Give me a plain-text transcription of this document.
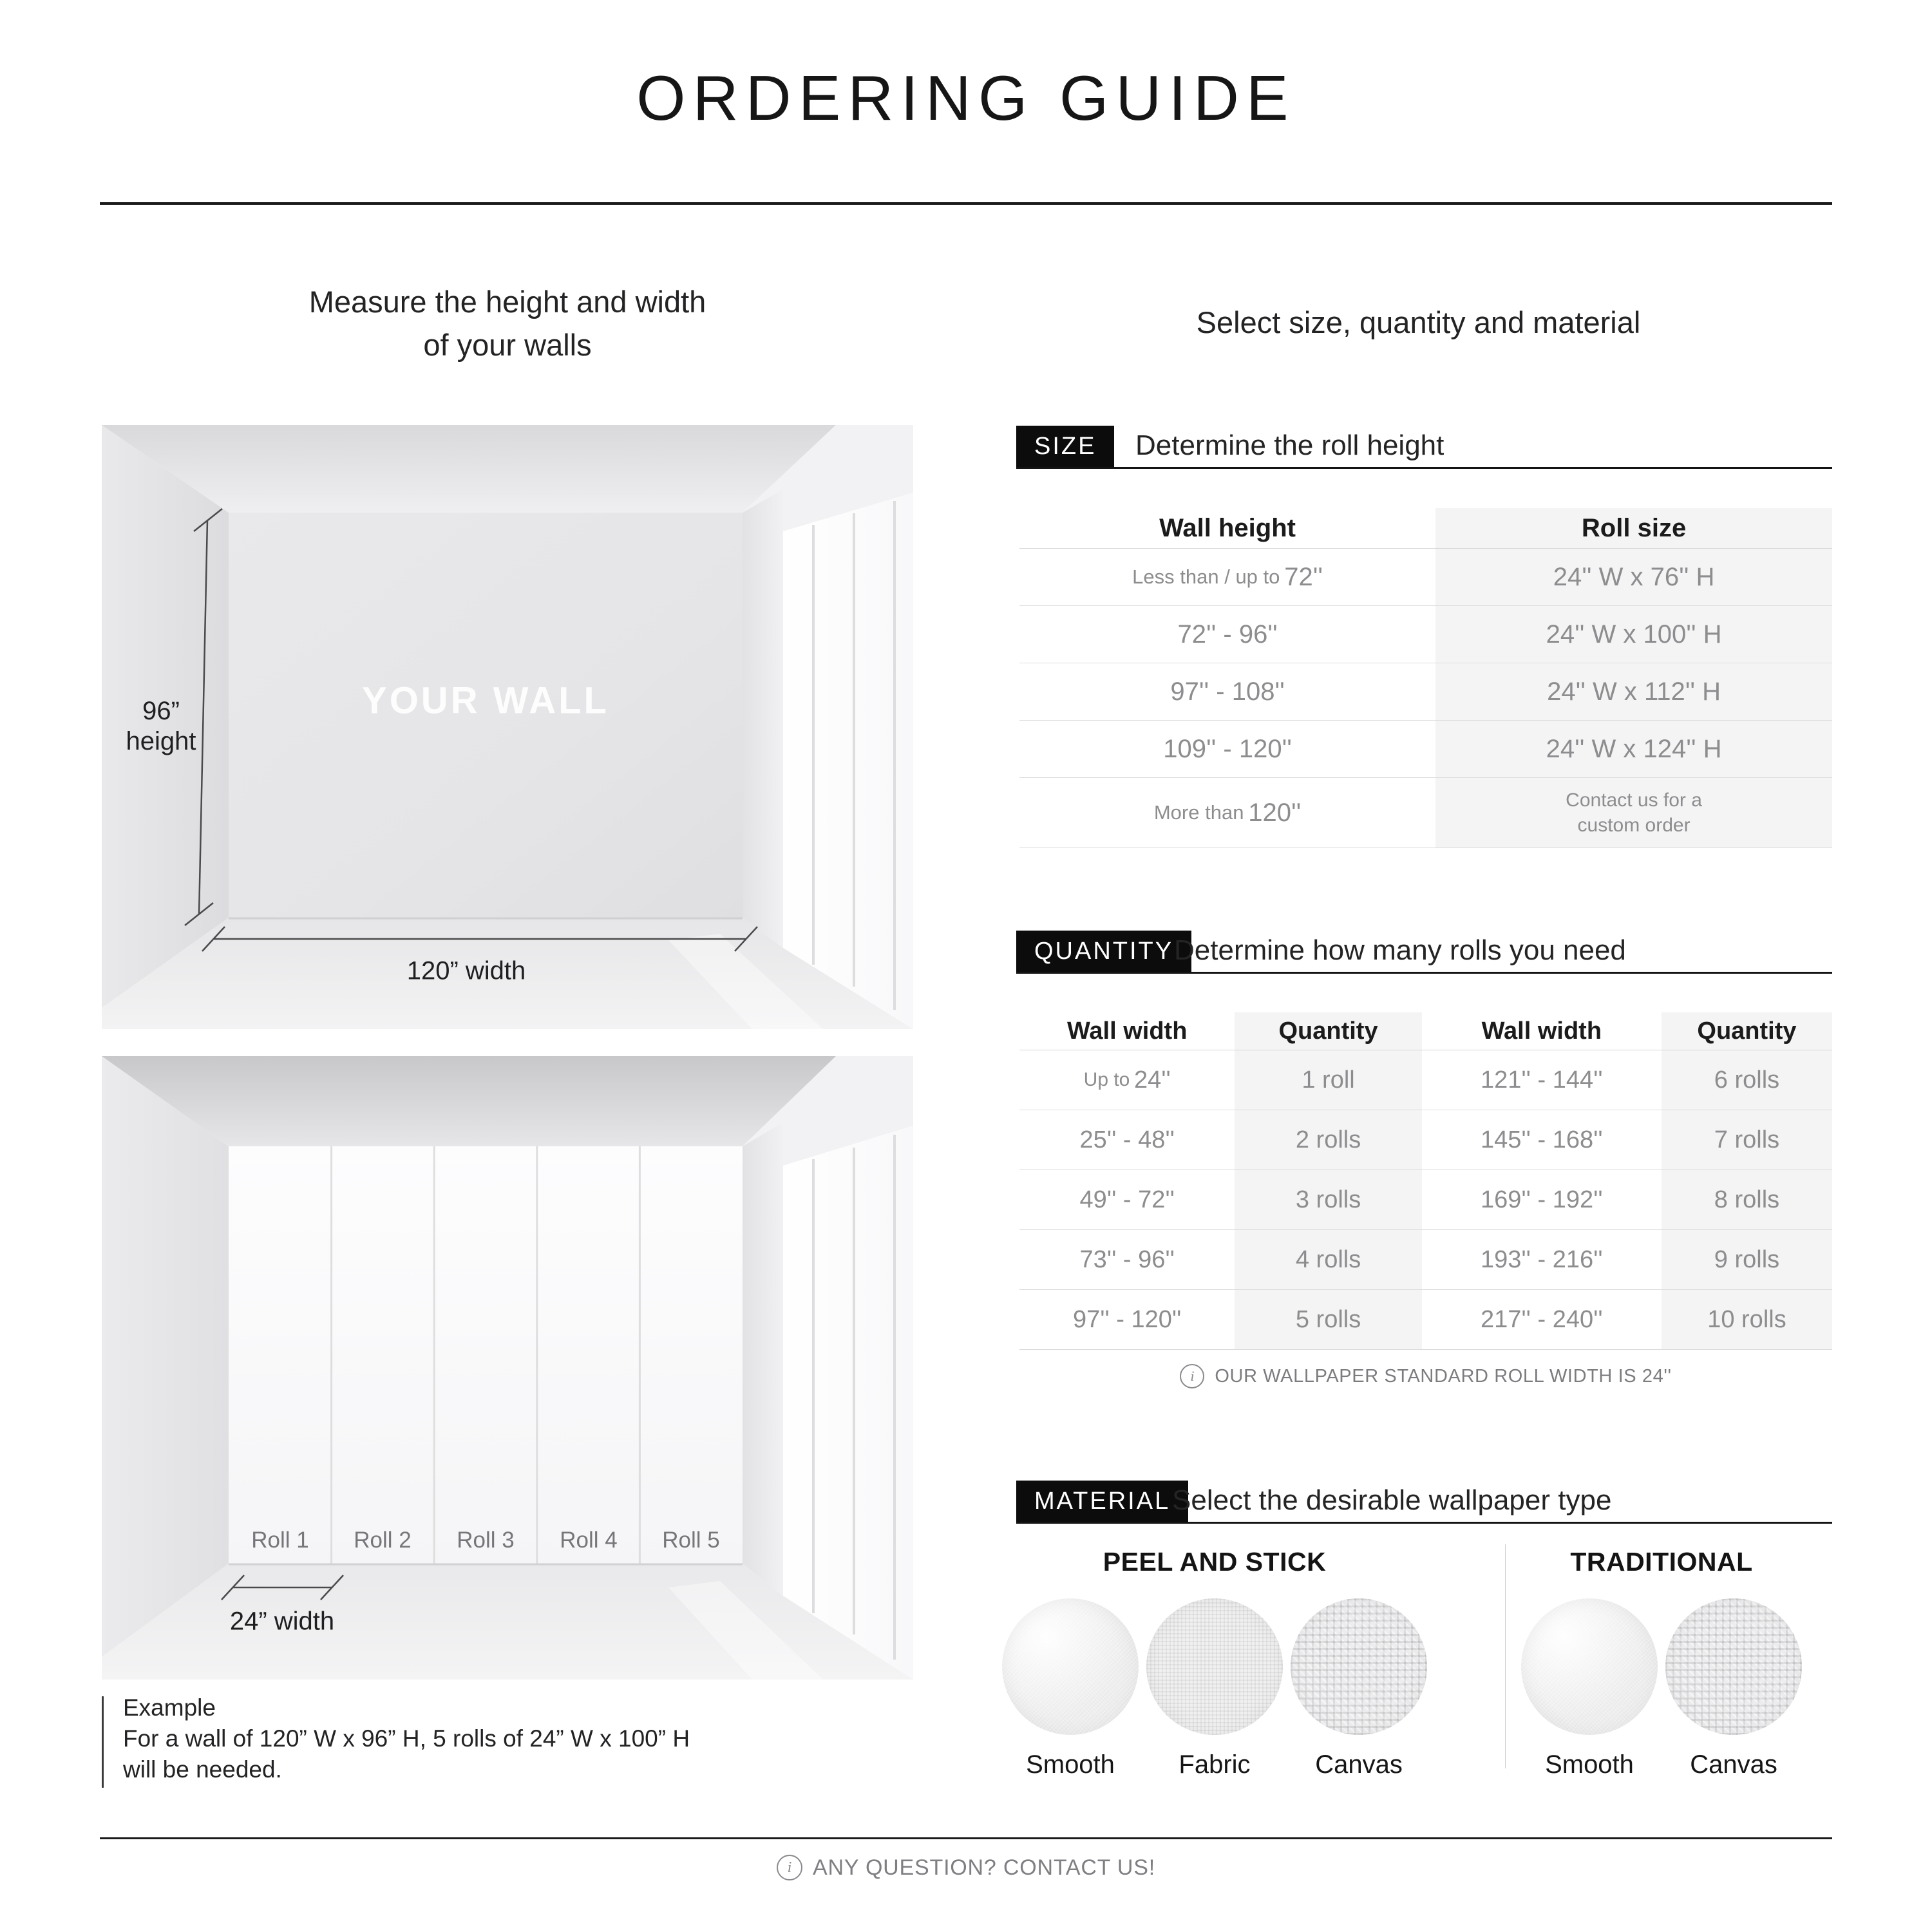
ORDERING GUIDE
Measure the height and width
of your walls
YOUR WALL
96”
height
120” width
Roll 1 Roll 2 Roll 3 Roll 4 Roll 5
24” width
Example
For a wall of 120” W x 96” H, 5 rolls of 24” W x 100” H
will be needed.
Select size, quantity and material
SIZE	Determine the roll height
Wall height	Roll size
Less than / up to 72''	24'' W x 76'' H
72'' - 96''	24'' W x 100'' H
97'' - 108''	24'' W x 112'' H
109'' - 120''	24'' W x 124'' H
More than 120''	Contact us for a custom order
QUANTITY Determine how many rolls you need
Wall width	Quantity	Wall width	Quantity
Up to 24''	1 roll	121'' - 144''	6 rolls
25'' - 48''	2 rolls	145'' - 168''	7 rolls
49'' - 72''	3 rolls	169'' - 192''	8 rolls
73'' - 96''	4 rolls	193'' - 216''	9 rolls
97'' - 120''	5 rolls	217'' - 240''	10 rolls
i
OUR WALLPAPER STANDARD ROLL WIDTH IS 24''
MATERIAL Select the desirable wallpaper type
PEEL AND STICK	TRADITIONAL
Smooth Fabric	Canvas	Smooth Canvas
i
ANY QUESTION? CONTACT US!
